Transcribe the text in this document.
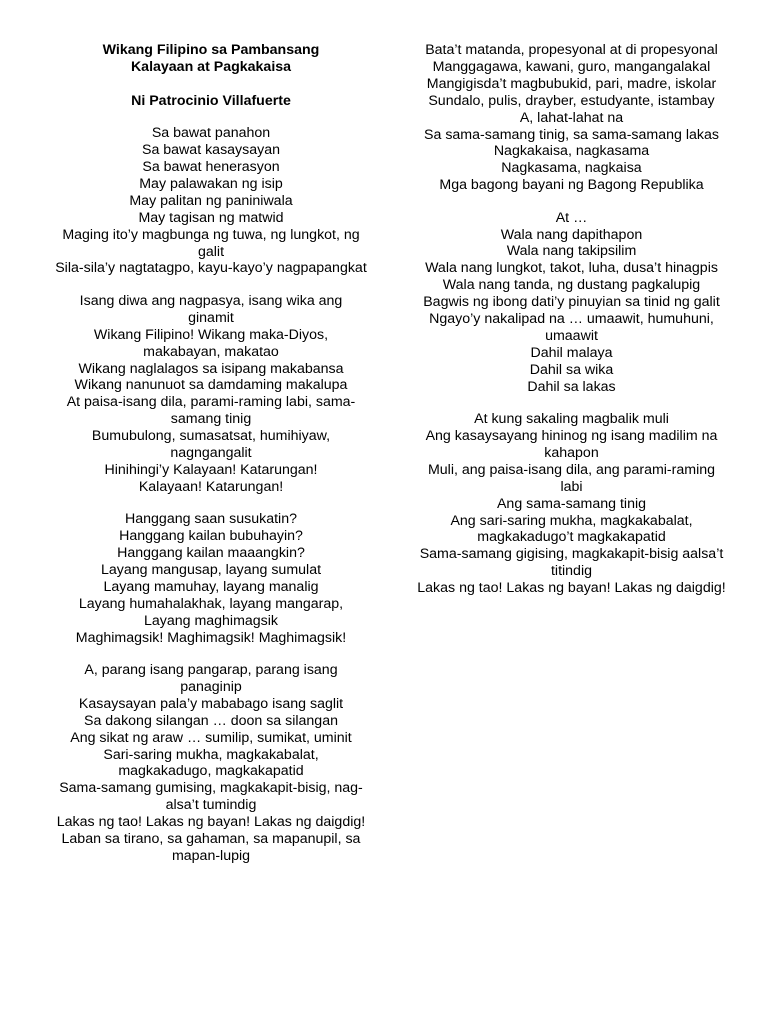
Wikang Filipino sa Pambansang
Kalayaan at Pagkakaisa
Ni Patrocinio Villafuerte
Sa bawat panahon
Sa bawat kasaysayan
Sa bawat henerasyon
May palawakan ng isip
May palitan ng paniniwala
May tagisan ng matwid
Maging ito’y magbunga ng tuwa, ng lungkot, ng galit
Sila-sila’y nagtatagpo, kayu-kayo’y nagpapangkat
Isang diwa ang nagpasya, isang wika ang ginamit
Wikang Filipino! Wikang maka-Diyos, makabayan, makatao
Wikang naglalagos sa isipang makabansa
Wikang nanunuot sa damdaming makalupa
At paisa-isang dila, parami-raming labi, sama-samang tinig
Bumubulong, sumasatsat, humihiyaw, nagngangalit
Hinihingi’y Kalayaan! Katarungan!
Kalayaan! Katarungan!
Hanggang saan susukatin?
Hanggang kailan bubuhayin?
Hanggang kailan maaangkin?
Layang mangusap, layang sumulat
Layang mamuhay, layang manalig
Layang humahalakhak, layang mangarap,
Layang maghimagsik
Maghimagsik! Maghimagsik! Maghimagsik!
A, parang isang pangarap, parang isang panaginip
Kasaysayan pala’y mababago isang saglit
Sa dakong silangan … doon sa silangan
Ang sikat ng araw … sumilip, sumikat, uminit
Sari-saring mukha, magkakabalat, magkakadugo, magkakapatid
Sama-samang gumising, magkakapit-bisig, nag-alsa’t tumindig
Lakas ng tao! Lakas ng bayan! Lakas ng daigdig!
Laban sa tirano, sa gahaman, sa mapanupil, sa mapan-lupig
Bata’t matanda, propesyonal at di propesyonal
Manggagawa, kawani, guro, mangangalakal
Mangigisda’t magbubukid, pari, madre, iskolar
Sundalo, pulis, drayber, estudyante, istambay
A, lahat-lahat na
Sa sama-samang tinig, sa sama-samang lakas
Nagkakaisa, nagkasama
Nagkasama, nagkaisa
Mga bagong bayani ng Bagong Republika
At …
Wala nang dapithapon
Wala nang takipsilim
Wala nang lungkot, takot, luha, dusa’t hinagpis
Wala nang tanda, ng dustang pagkalupig
Bagwis ng ibong dati’y pinuyian sa tinid ng galit
Ngayo’y nakalipad na … umaawit, humuhuni, umaawit
Dahil malaya
Dahil sa wika
Dahil sa lakas
At kung sakaling magbalik muli
Ang kasaysayang hininog ng isang madilim na kahapon
Muli, ang paisa-isang dila, ang parami-raming labi
Ang sama-samang tinig
Ang sari-saring mukha, magkakabalat, magkakadugo’t magkakapatid
Sama-samang gigising, magkakapit-bisig aalsa’t titindig
Lakas ng tao! Lakas ng bayan! Lakas ng daigdig!
